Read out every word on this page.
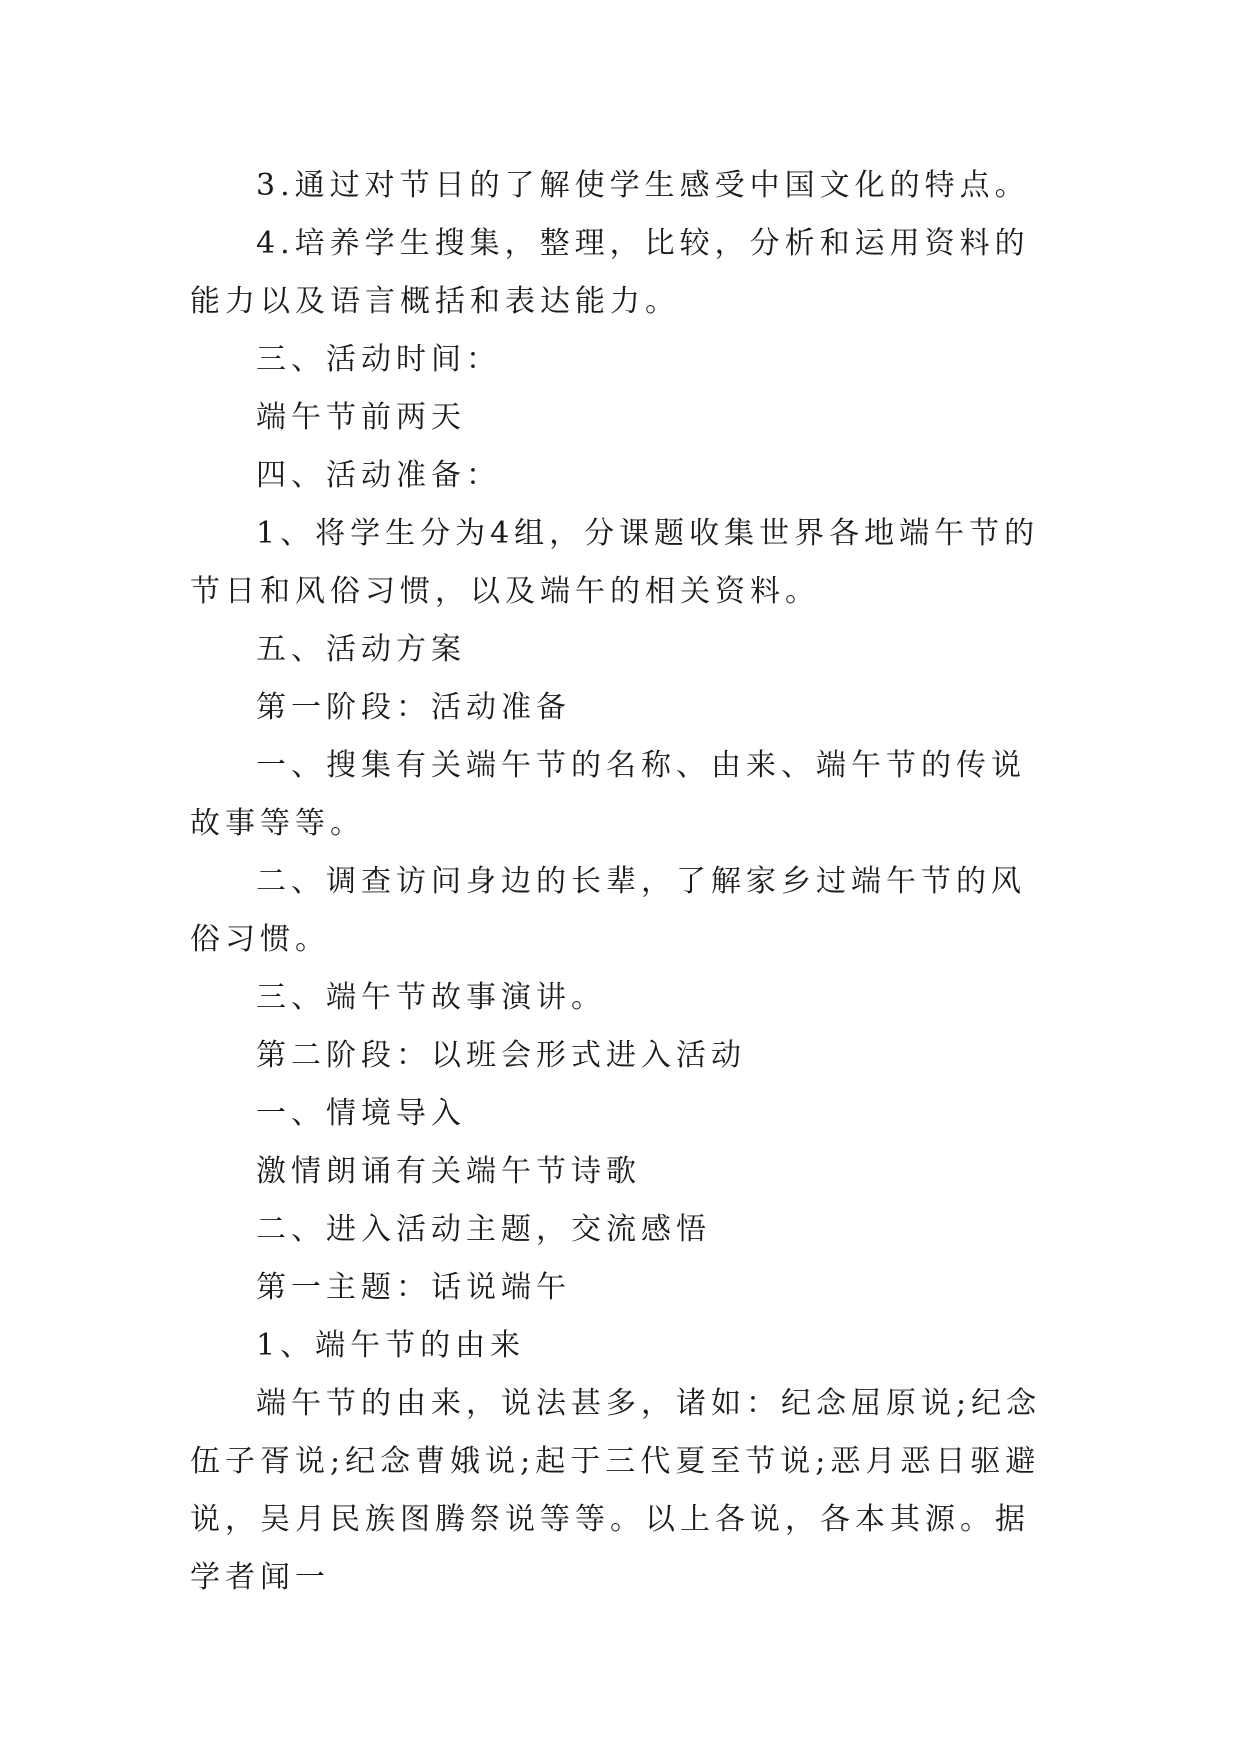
3.通过对节日的了解使学生感受中国文化的特点。

4.培养学生搜集，整理，比较，分析和运用资料的能力以及语言概括和表达能力。

三、活动时间：

端午节前两天

四、活动准备：

1、将学生分为4组，分课题收集世界各地端午节的节日和风俗习惯，以及端午的相关资料。

五、活动方案

第一阶段：活动准备

一、搜集有关端午节的名称、由来、端午节的传说故事等等。

二、调查访问身边的长辈，了解家乡过端午节的风俗习惯。

三、端午节故事演讲。

第二阶段：以班会形式进入活动

一、情境导入

激情朗诵有关端午节诗歌

二、进入活动主题，交流感悟

第一主题：话说端午

1、端午节的由来

端午节的由来，说法甚多，诸如：纪念屈原说;纪念伍子胥说;纪念曹娥说;起于三代夏至节说;恶月恶日驱避说，吴月民族图腾祭说等等。以上各说，各本其源。据学者闻一
